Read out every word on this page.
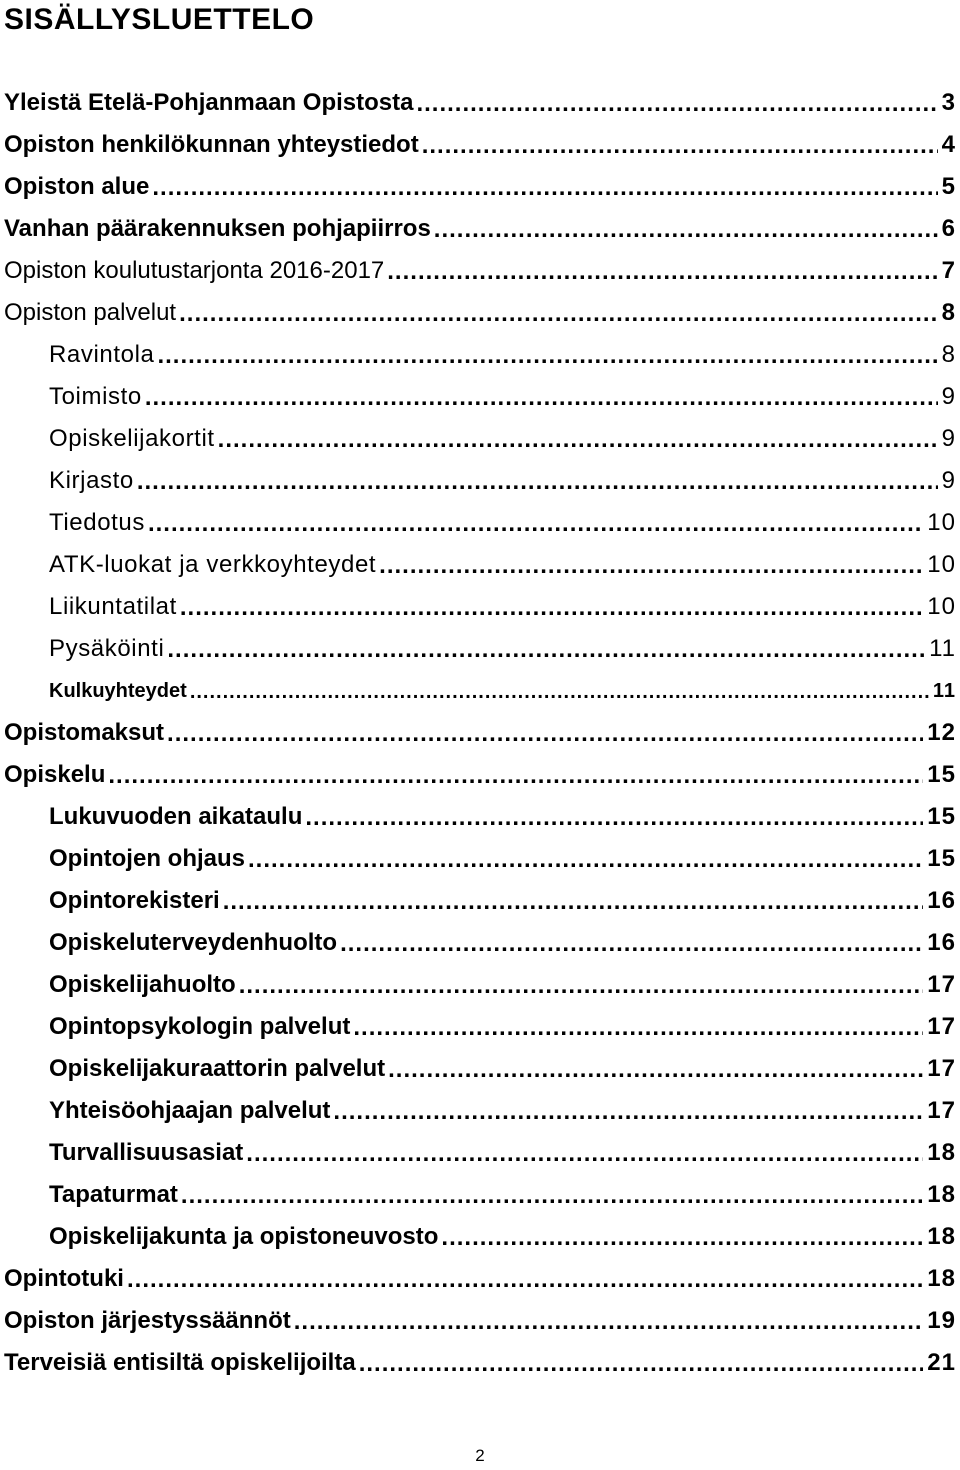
SISÄLLYSLUETTELO
Yleistä Etelä-Pohjanmaan Opistosta .....	3
Opiston henkilökunnan yhteystiedot .....	4
Opiston alue .....	5
Vanhan päärakennuksen pohjapiirros .....	6
Opiston koulutustarjonta 2016-2017 .....	7
Opiston palvelut .....	8
Ravintola .....	8
Toimisto .....	9
Opiskelijakortit .....	9
Kirjasto .....	9
Tiedotus .....	10
ATK-luokat ja verkkoyhteydet .....	10
Liikuntatilat .....	10
Pysäköinti .....	11
Kulkuyhteydet .....	11
Opistomaksut .....	12
Opiskelu .....	15
Lukuvuoden aikataulu .....	15
Opintojen ohjaus .....	15
Opintorekisteri .....	16
Opiskeluterveydenhuolto .....	16
Opiskelijahuolto .....	17
Opintopsykologin palvelut .....	17
Opiskelijakuraattorin palvelut .....	17
Yhteisöohjaajan palvelut .....	17
Turvallisuusasiat .....	18
Tapaturmat .....	18
Opiskelijakunta ja opistoneuvosto .....	18
Opintotuki .....	18
Opiston järjestyssäännöt .....	19
Terveisiä entisiltä opiskelijoilta .....	21
2
